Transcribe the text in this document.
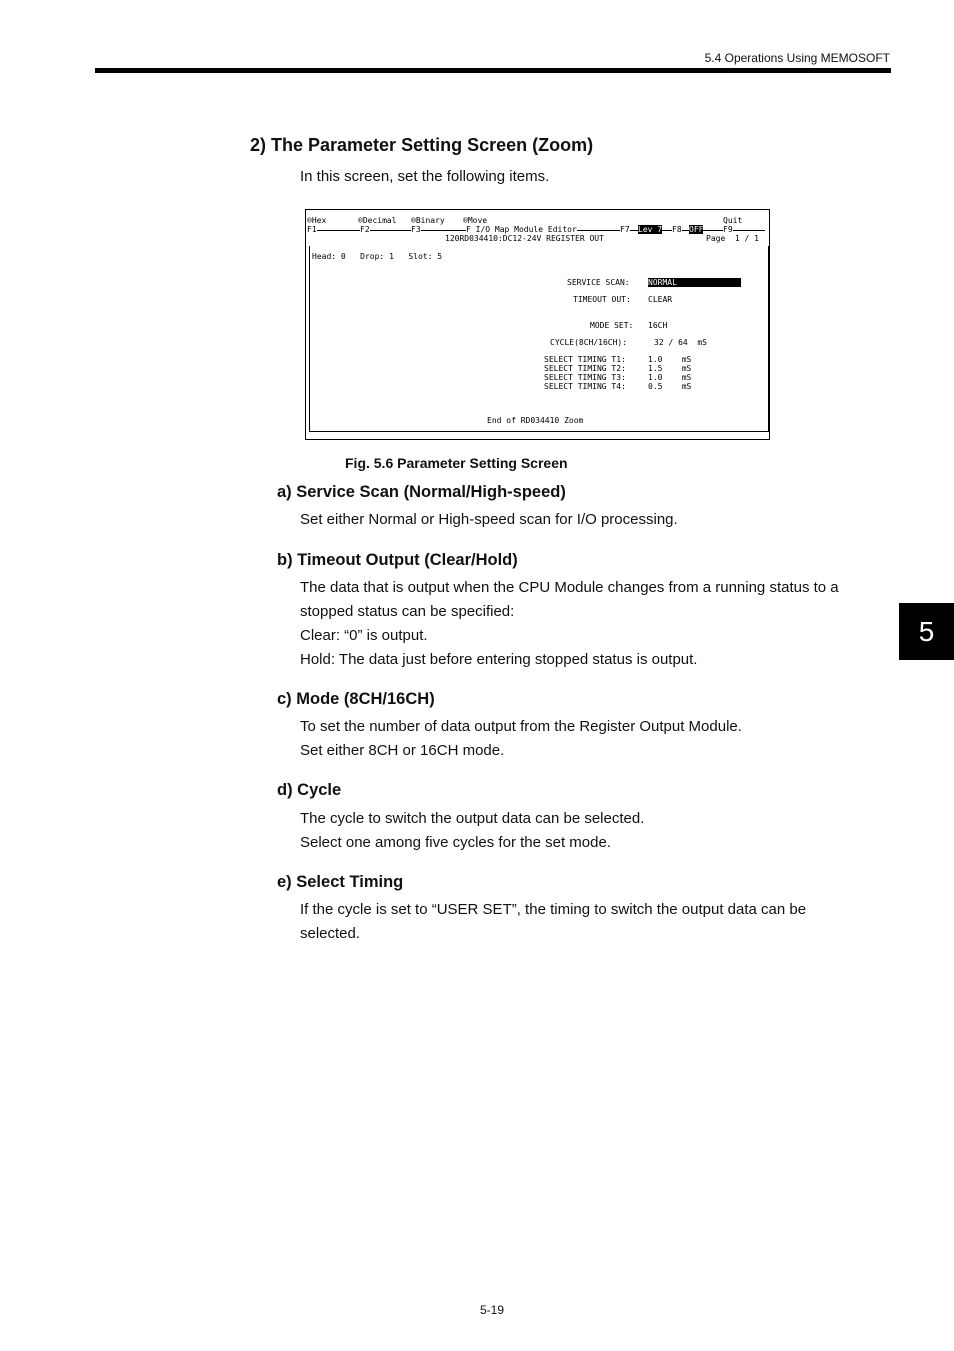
5.4 Operations Using MEMOSOFT
2) The Parameter Setting Screen (Zoom)
In this screen, set the following items.
®Hex	®Decimal ®Binary ®Move	Quit
F1	F2	F3	F I/O Map Module Editor	F7 Lev 7 F8 OFF F9
120RD034410:DC12-24V REGISTER OUT	Page  1 / 1
Head: 0   Drop: 1   Slot: 5
SERVICE SCAN: NORMAL
TIMEOUT OUT: CLEAR
MODE SET: 16CH
CYCLE(8CH/16CH):	32 / 64  mS
SELECT TIMING T1:	1.0    mS
SELECT TIMING T2:	1.5    mS
SELECT TIMING T3:	1.0    mS
SELECT TIMING T4:	0.5    mS
End of RD034410 Zoom
Fig. 5.6 Parameter Setting Screen
a) Service Scan (Normal/High-speed)
Set either Normal or High-speed scan for I/O processing.
b) Timeout Output (Clear/Hold)
The data that is output when the CPU Module changes from a running status to a
stopped status can be specified:
Clear: “0” is output.
Hold: The data just before entering stopped status is output.
c) Mode (8CH/16CH)
To set the number of data output from the Register Output Module.
Set either 8CH or 16CH mode.
d) Cycle
The cycle to switch the output data can be selected.
Select one among five cycles for the set mode.
e) Select Timing
If the cycle is set to “USER SET”, the timing to switch the output data can be
selected.
5
5-19
